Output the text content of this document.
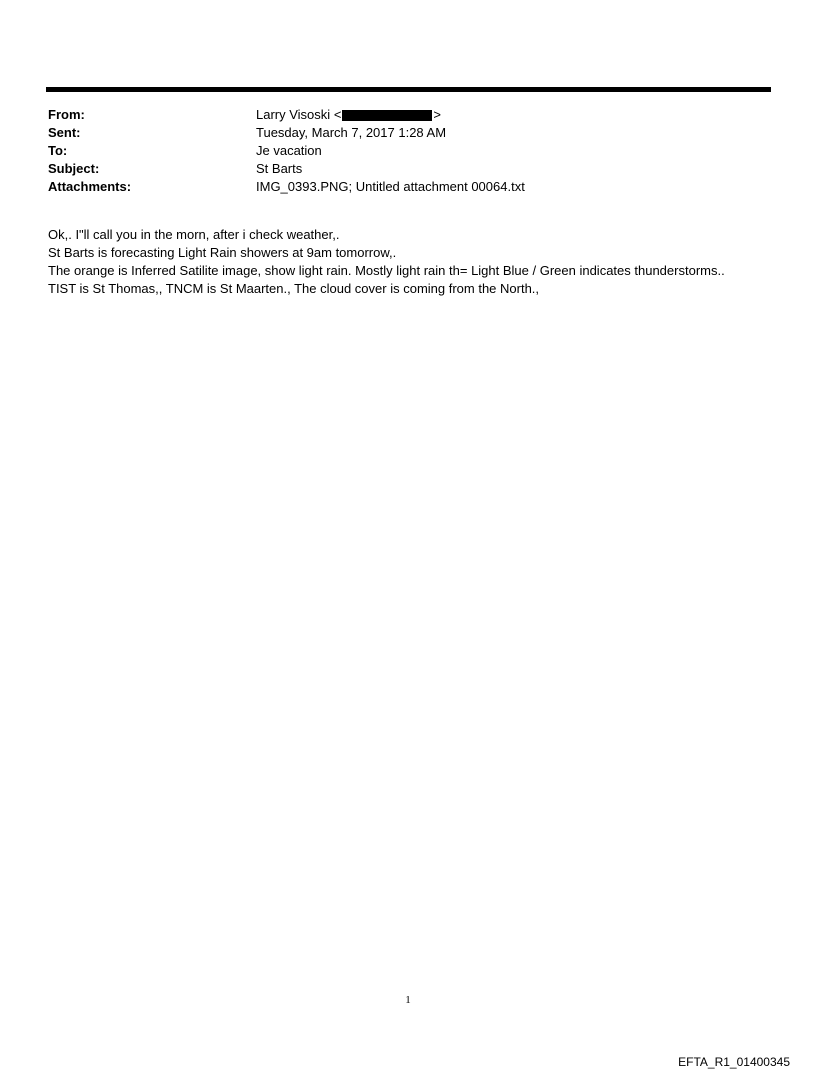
From:	Larry Visoski <	>
Sent:	Tuesday, March 7, 2017 1:28 AM
To:	Je vacation
Subject:	St Barts
Attachments:	IMG_0393.PNG; Untitled attachment 00064.txt
Ok,. I"ll call you in the morn, after i check weather,.
St Barts is forecasting Light Rain showers at 9am tomorrow,.
The orange is Inferred Satilite image, show light rain. Mostly light rain th= Light Blue / Green indicates thunderstorms..
TIST is St Thomas,, TNCM is St Maarten., The cloud cover is coming from the North.,
1
EFTA_R1_01400345
